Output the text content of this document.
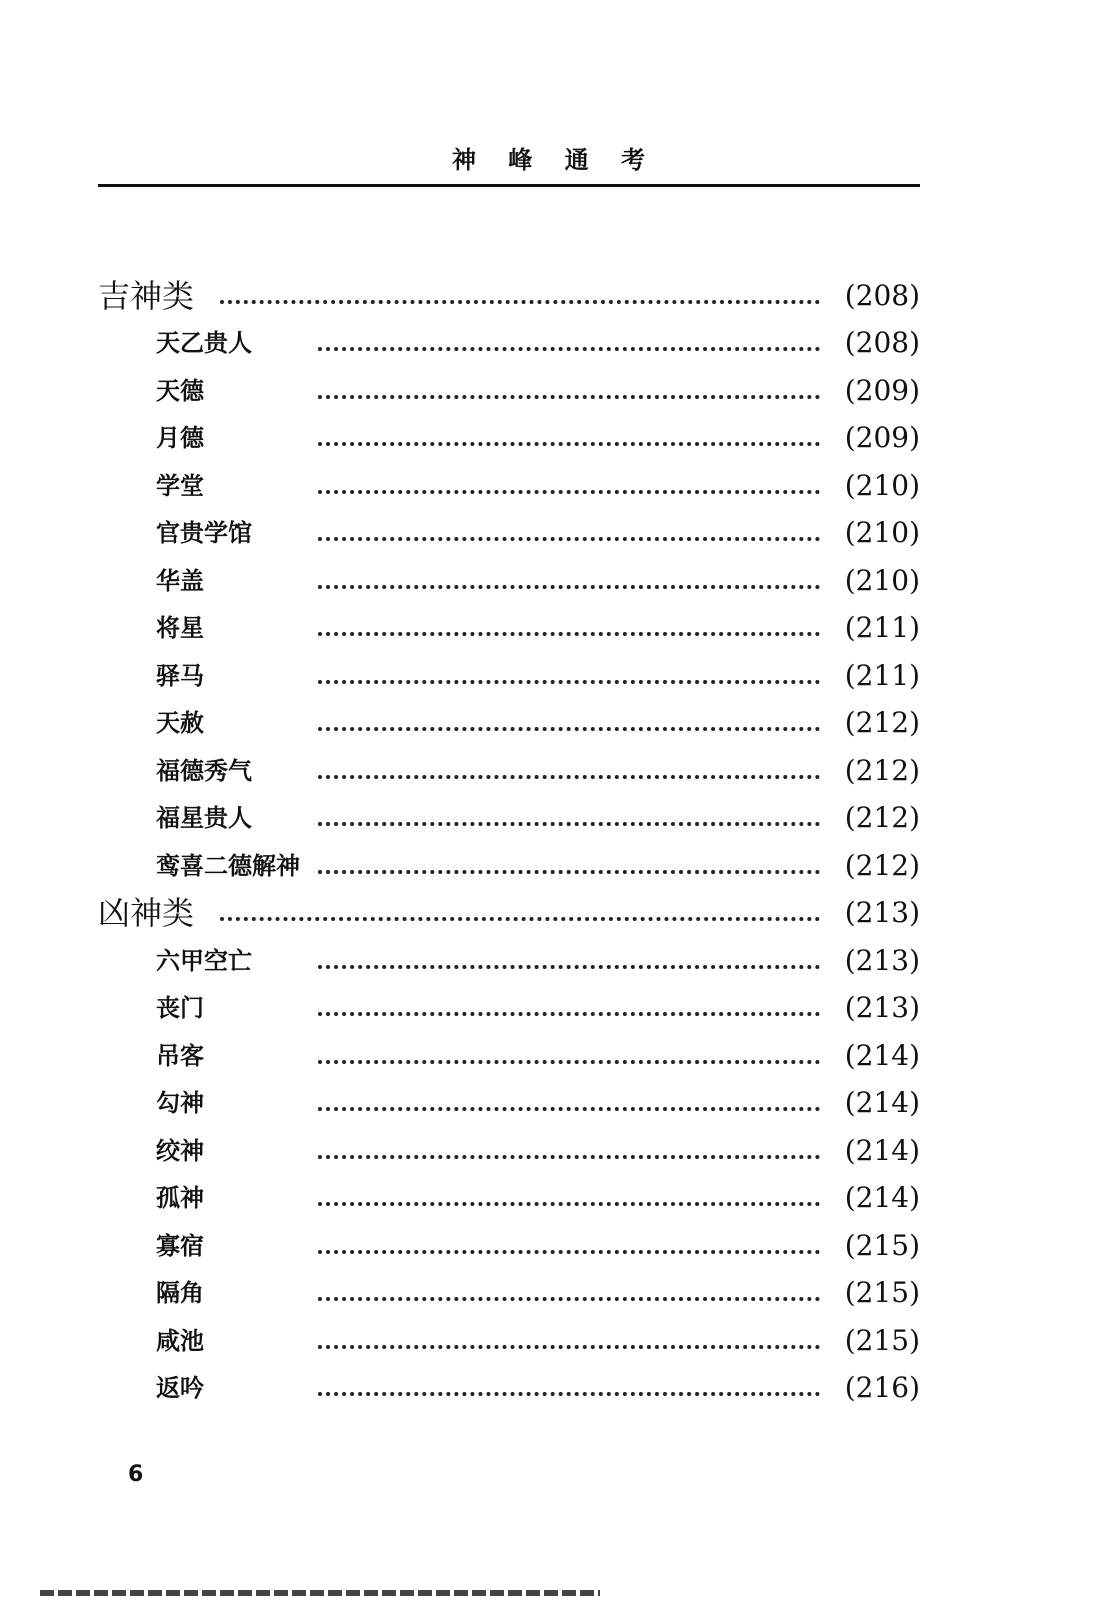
神 峰 通 考
吉神类	(208)
天乙贵人	(208)
天德	(209)
月德	(209)
学堂	(210)
官贵学馆	(210)
华盖	(210)
将星	(211)
驿马	(211)
天赦	(212)
福德秀气	(212)
福星贵人	(212)
鸾喜二德解神	(212)
凶神类	(213)
六甲空亡	(213)
丧门	(213)
吊客	(214)
勾神	(214)
绞神	(214)
孤神	(214)
寡宿	(215)
隔角	(215)
咸池	(215)
返吟	(216)
6
